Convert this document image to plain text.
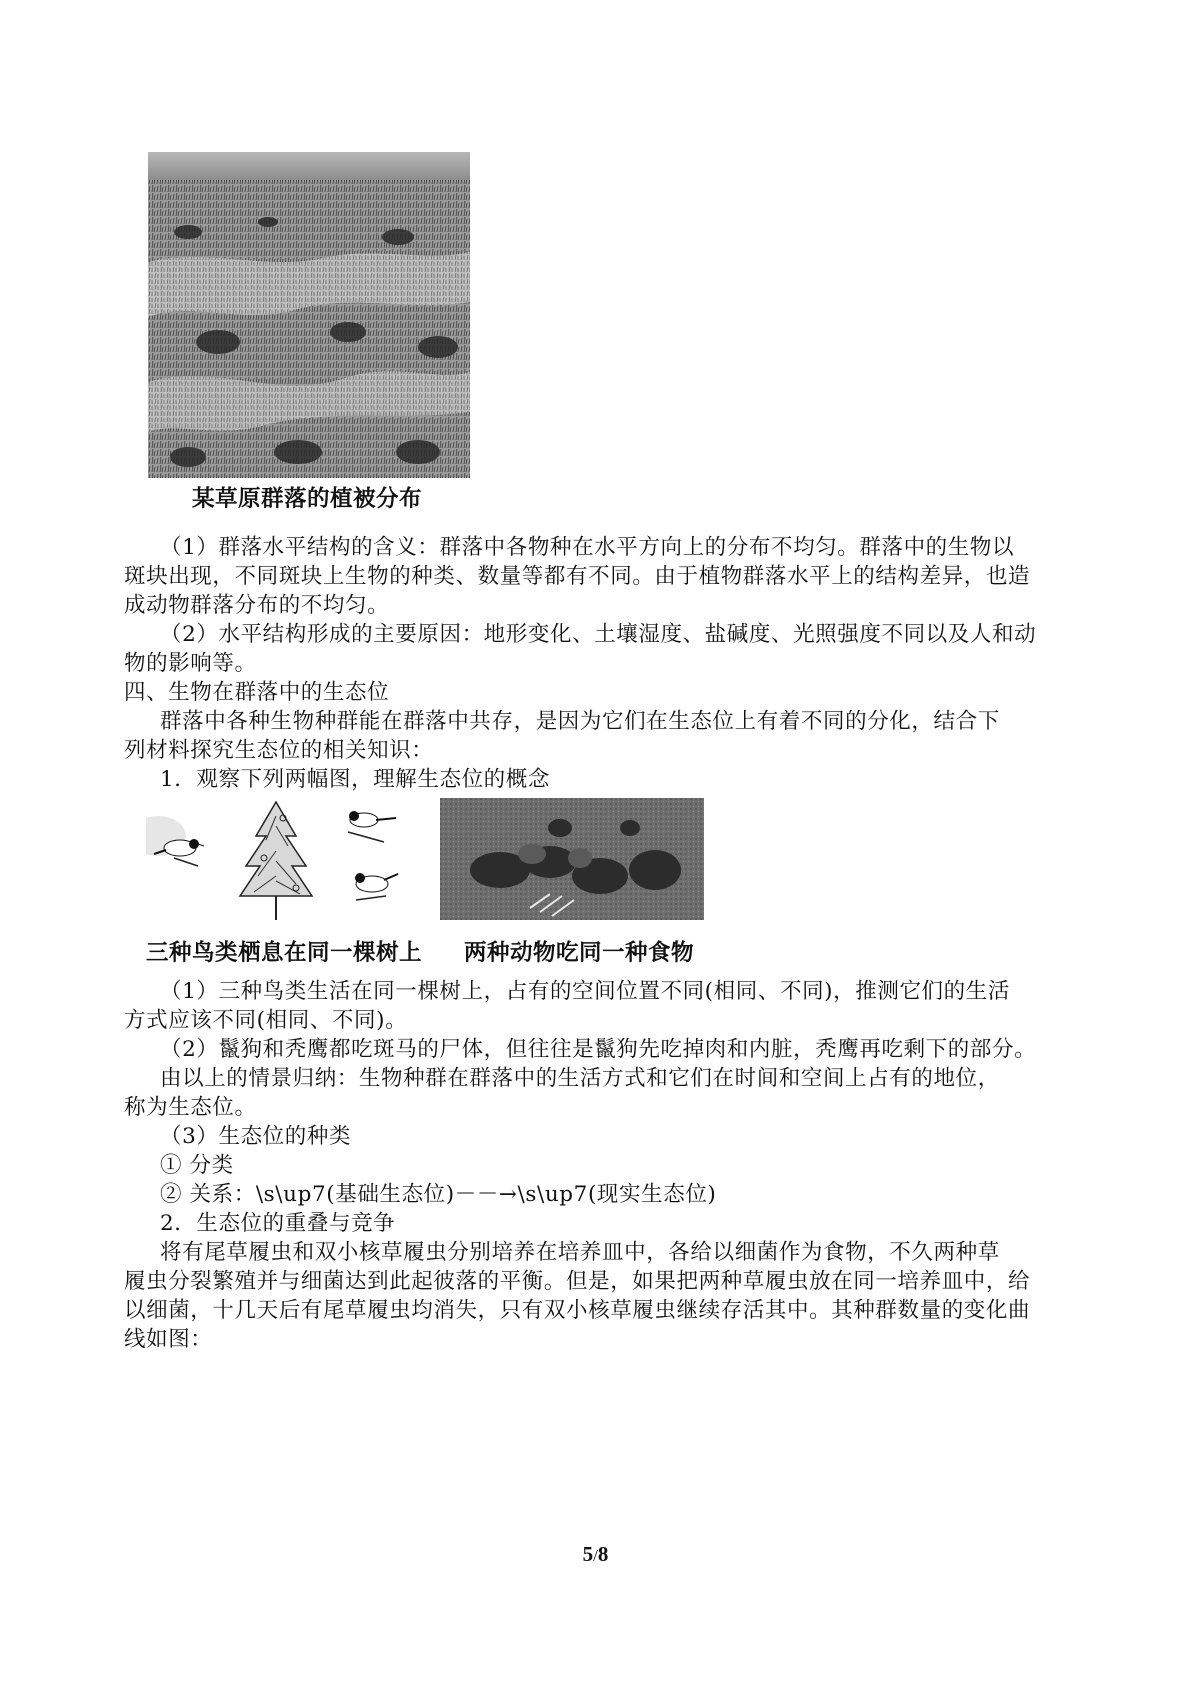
某草原群落的植被分布
（1）群落水平结构的含义：群落中各物种在水平方向上的分布不均匀。群落中的生物以
斑块出现，不同斑块上生物的种类、数量等都有不同。由于植物群落水平上的结构差异，也造
成动物群落分布的不均匀。
（2）水平结构形成的主要原因：地形变化、土壤湿度、盐碱度、光照强度不同以及人和动
物的影响等。
四、生物在群落中的生态位
群落中各种生物种群能在群落中共存，是因为它们在生态位上有着不同的分化，结合下
列材料探究生态位的相关知识：
1．观察下列两幅图，理解生态位的概念
三种鸟类栖息在同一棵树上 两种动物吃同一种食物
（1）三种鸟类生活在同一棵树上，占有的空间位置不同(相同、不同)，推测它们的生活
方式应该不同(相同、不同)。
（2）鬣狗和秃鹰都吃斑马的尸体，但往往是鬣狗先吃掉肉和内脏，秃鹰再吃剩下的部分。
由以上的情景归纳：生物种群在群落中的生活方式和它们在时间和空间上占有的地位，
称为生态位。
（3）生态位的种类
① 分类
② 关系：\s\up7(基础生态位)－－→\s\up7(现实生态位)
2．生态位的重叠与竞争
将有尾草履虫和双小核草履虫分别培养在培养皿中，各给以细菌作为食物，不久两种草
履虫分裂繁殖并与细菌达到此起彼落的平衡。但是，如果把两种草履虫放在同一培养皿中，给
以细菌，十几天后有尾草履虫均消失，只有双小核草履虫继续存活其中。其种群数量的变化曲
线如图：
5/8
